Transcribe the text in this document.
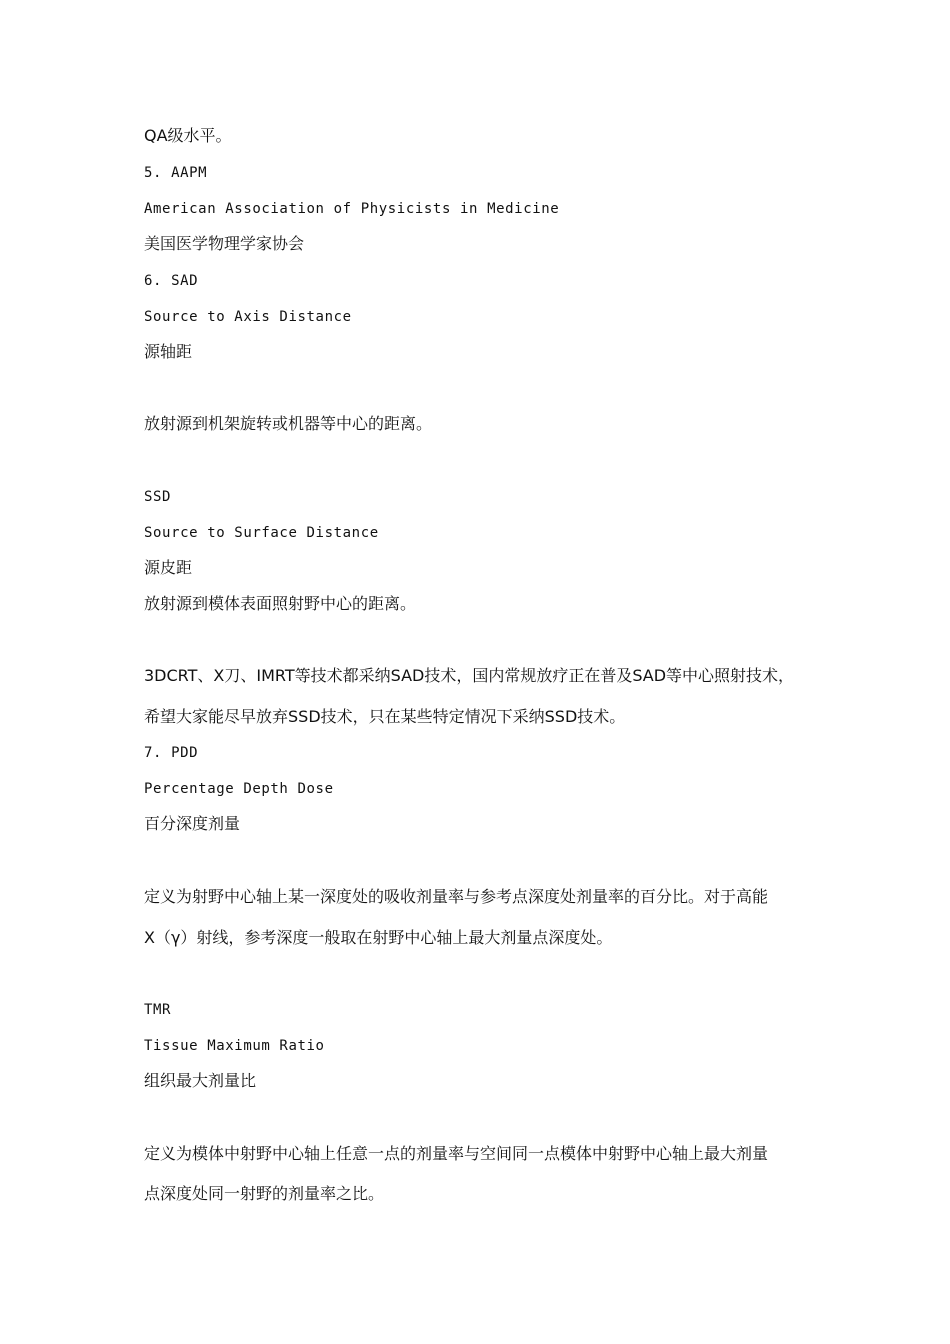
QA级水平。
5. AAPM
American Association of Physicists in Medicine
美国医学物理学家协会
6. SAD
Source to Axis Distance
源轴距
放射源到机架旋转或机器等中心的距离。
SSD
Source to Surface Distance
源皮距
放射源到模体表面照射野中心的距离。
3DCRT、X刀、IMRT等技术都采纳SAD技术，国内常规放疗正在普及SAD等中心照射技术，
希望大家能尽早放弃SSD技术，只在某些特定情况下采纳SSD技术。
7. PDD
Percentage Depth Dose
百分深度剂量
定义为射野中心轴上某一深度处的吸收剂量率与参考点深度处剂量率的百分比。对于高能
X（γ）射线，参考深度一般取在射野中心轴上最大剂量点深度处。
TMR
Tissue Maximum Ratio
组织最大剂量比
定义为模体中射野中心轴上任意一点的剂量率与空间同一点模体中射野中心轴上最大剂量
点深度处同一射野的剂量率之比。
